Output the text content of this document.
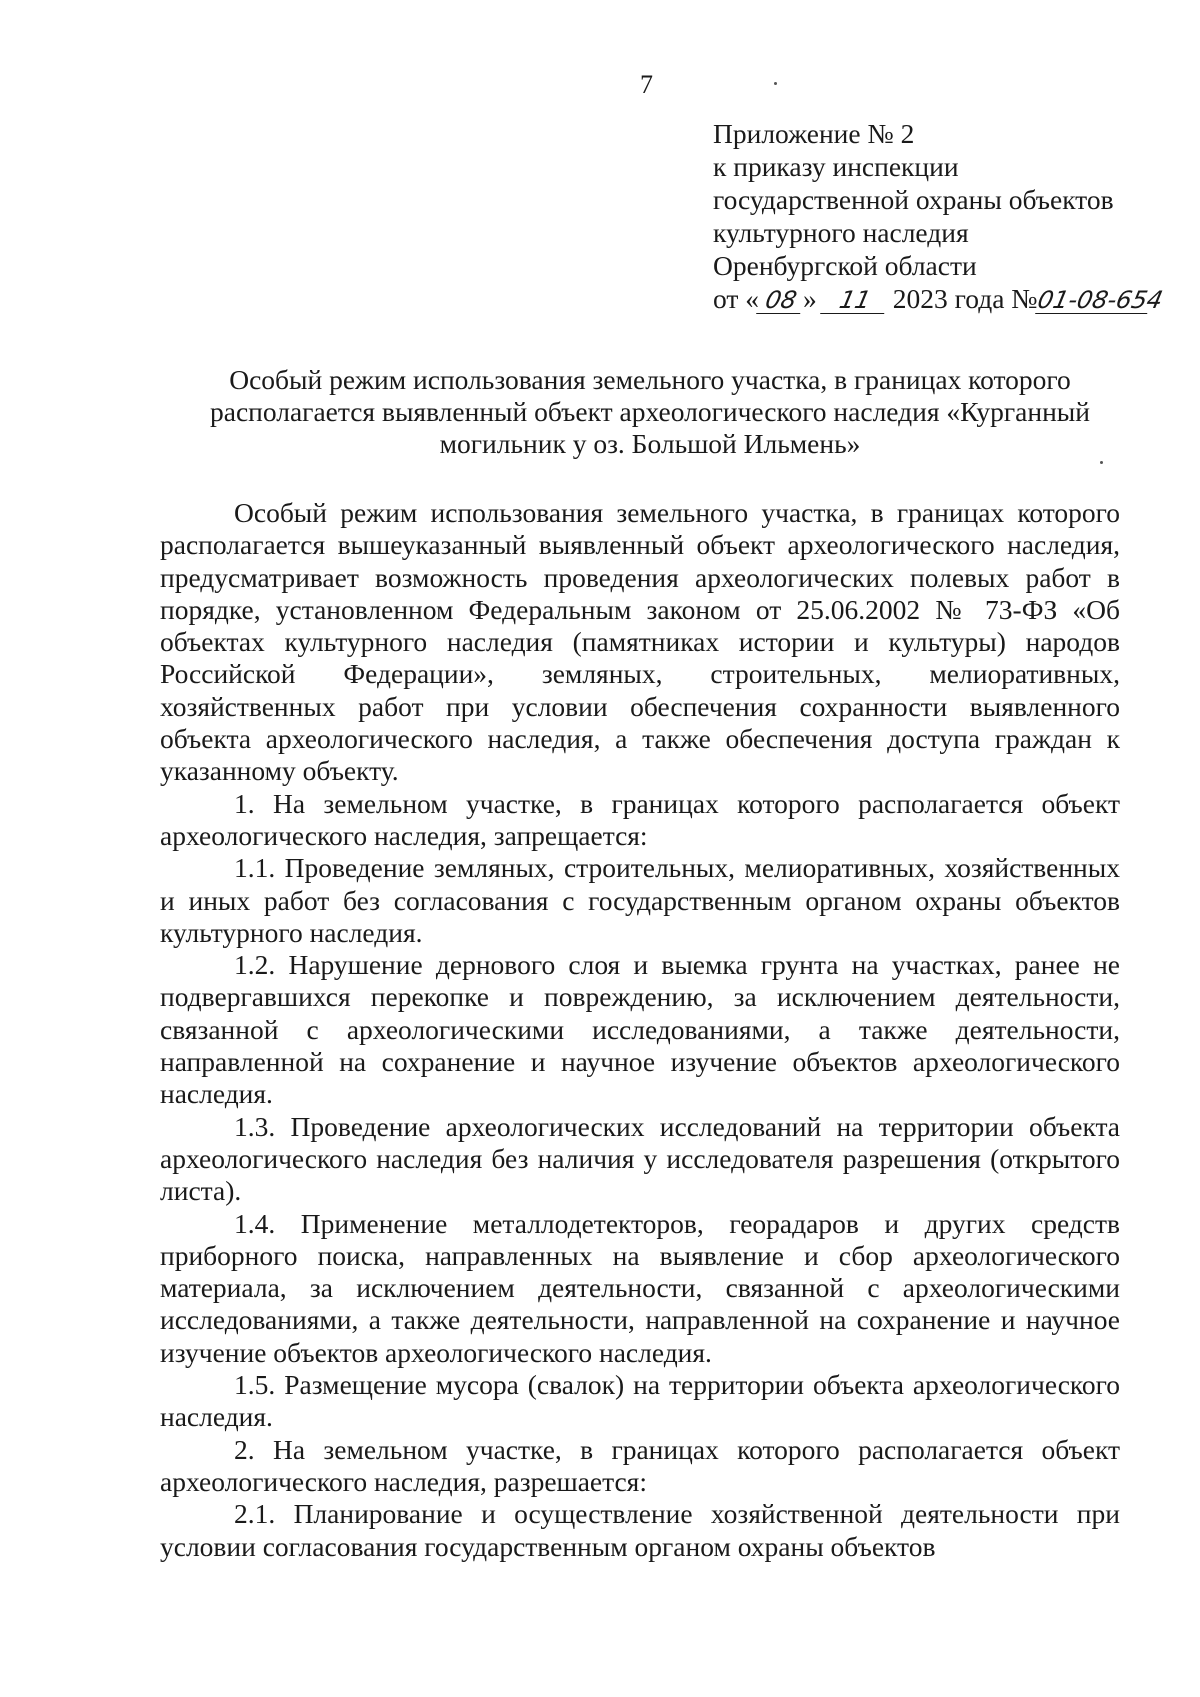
7
Приложение № 2
к приказу инспекции
государственной охраны объектов
культурного наследия
Оренбургской области
от « 08 » 11 2023 года №01-08-654
Особый режим использования земельного участка, в границах которого
располагается выявленный объект археологического наследия «Курганный
могильник у оз. Большой Ильмень»

Особый режим использования земельного участка, в границах которого располагается вышеуказанный выявленный объект археологического наследия, предусматривает возможность проведения археологических полевых работ в порядке, установленном Федеральным законом от 25.06.2002 № 73-ФЗ «Об объектах культурного наследия (памятниках истории и культуры) народов Российской Федерации», земляных, строительных, мелиоративных, хозяйственных работ при условии обеспечения сохранности выявленного объекта археологического наследия, а также обеспечения доступа граждан к указанному объекту.

1. На земельном участке, в границах которого располагается объект археологического наследия, запрещается:

1.1. Проведение земляных, строительных, мелиоративных, хозяйственных и иных работ без согласования с государственным органом охраны объектов культурного наследия.

1.2. Нарушение дернового слоя и выемка грунта на участках, ранее не подвергавшихся перекопке и повреждению, за исключением деятельности, связанной с археологическими исследованиями, а также деятельности, направленной на сохранение и научное изучение объектов археологического наследия.

1.3. Проведение археологических исследований на территории объекта археологического наследия без наличия у исследователя разрешения (открытого листа).

1.4. Применение металлодетекторов, георадаров и других средств приборного поиска, направленных на выявление и сбор археологического материала, за исключением деятельности, связанной с археологическими исследованиями, а также деятельности, направленной на сохранение и научное изучение объектов археологического наследия.

1.5. Размещение мусора (свалок) на территории объекта археологического наследия.

2. На земельном участке, в границах которого располагается объект археологического наследия, разрешается:

2.1. Планирование и осуществление хозяйственной деятельности при условии согласования государственным органом охраны объектов
